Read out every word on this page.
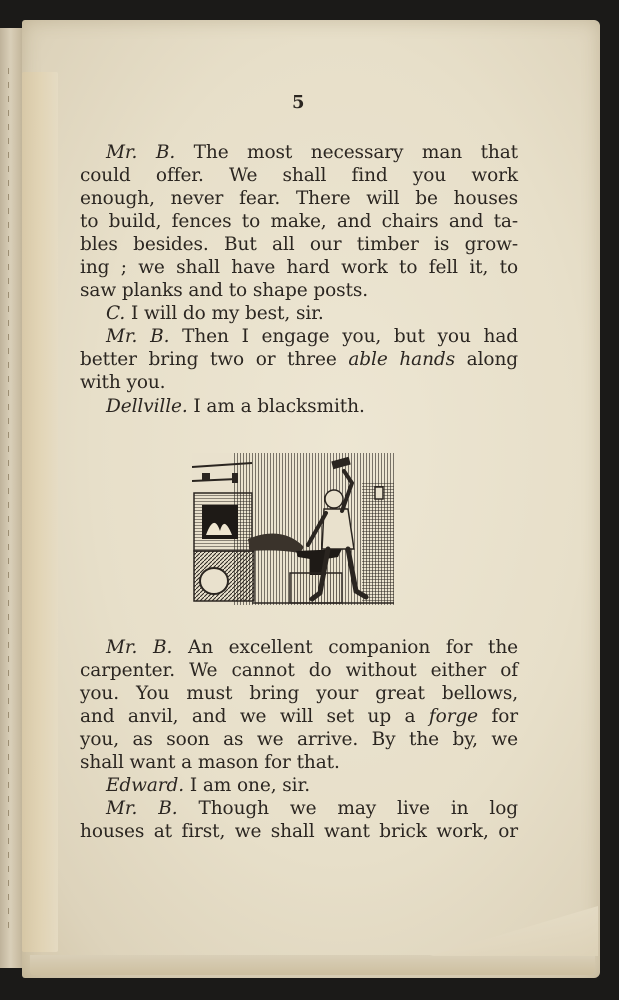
5
Mr. B. The most necessary man that
could offer. We shall find you work
enough, never fear. There will be houses
to build, fences to make, and chairs and ta-
bles besides. But all our timber is grow-
ing ; we shall have hard work to fell it, to
saw planks and to shape posts.
C. I will do my best, sir.
Mr. B. Then I engage you, but you had
better bring two or three able hands along
with you.
Dellville. I am a blacksmith.
Mr. B. An excellent companion for the
carpenter. We cannot do without either of
you. You must bring your great bellows,
and anvil, and we will set up a forge for
you, as soon as we arrive. By the by, we
shall want a mason for that.
Edward. I am one, sir.
Mr. B. Though we may live in log
houses at first, we shall want brick work, or
